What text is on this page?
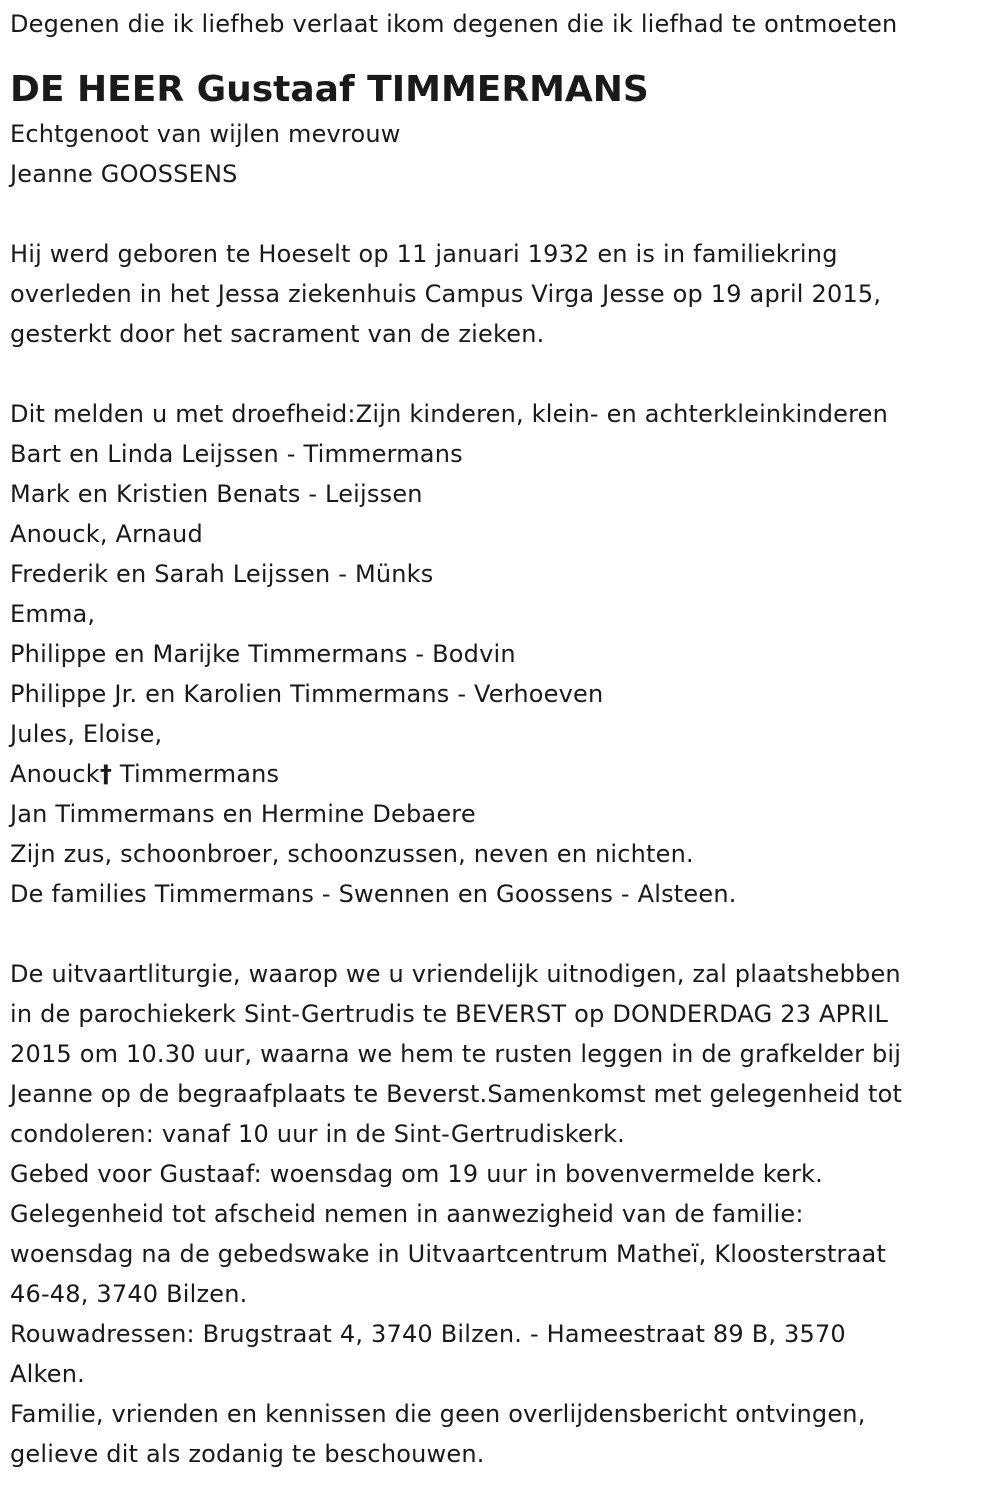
Degenen die ik liefheb verlaat ikom degenen die ik liefhad te ontmoeten
DE HEER Gustaaf TIMMERMANS
Echtgenoot van wijlen mevrouw
Jeanne GOOSSENS
Hij werd geboren te Hoeselt op 11 januari 1932 en is in familiekring
overleden in het Jessa ziekenhuis Campus Virga Jesse op 19 april 2015,
gesterkt door het sacrament van de zieken.
Dit melden u met droefheid:Zijn kinderen, klein- en achterkleinkinderen
Bart en Linda Leijssen - Timmermans
Mark en Kristien Benats - Leijssen
Anouck, Arnaud
Frederik en Sarah Leijssen - Münks
Emma,
Philippe en Marijke Timmermans - Bodvin
Philippe Jr. en Karolien Timmermans - Verhoeven
Jules, Eloise,
Anouck† Timmermans
Jan Timmermans en Hermine Debaere
Zijn zus, schoonbroer, schoonzussen, neven en nichten.
De families Timmermans - Swennen en Goossens - Alsteen.
De uitvaartliturgie, waarop we u vriendelijk uitnodigen, zal plaatshebben
in de parochiekerk Sint-Gertrudis te BEVERST op DONDERDAG 23 APRIL
2015 om 10.30 uur, waarna we hem te rusten leggen in de grafkelder bij
Jeanne op de begraafplaats te Beverst.Samenkomst met gelegenheid tot
condoleren: vanaf 10 uur in de Sint-Gertrudiskerk.
Gebed voor Gustaaf: woensdag om 19 uur in bovenvermelde kerk.
Gelegenheid tot afscheid nemen in aanwezigheid van de familie:
woensdag na de gebedswake in Uitvaartcentrum Matheï, Kloosterstraat
46-48, 3740 Bilzen.
Rouwadressen: Brugstraat 4, 3740 Bilzen. - Hameestraat 89 B, 3570
Alken.
Familie, vrienden en kennissen die geen overlijdensbericht ontvingen,
gelieve dit als zodanig te beschouwen.
